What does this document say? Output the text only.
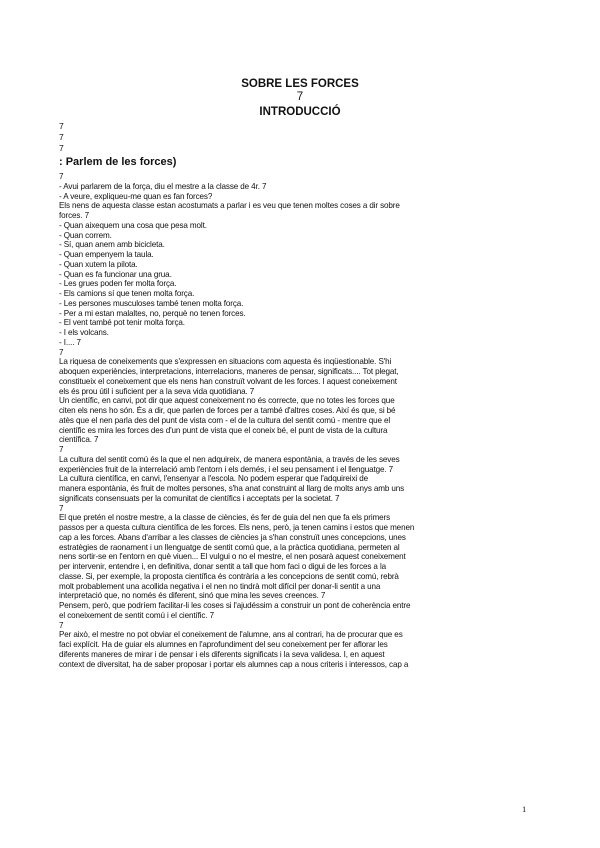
SOBRE LES FORCES
7
INTRODUCCIÓ
7
7
7
: Parlem de les forces)
7
- Avui parlarem de la força, diu el mestre a la classe de 4r. 7
- A veure, expliqueu-me quan es fan forces?
Els nens de aquesta classe estan acostumats a parlar i es veu que tenen moltes coses a dir sobre
forces. 7
- Quan aixequem una cosa que pesa molt.
- Quan correm.
- Sí, quan anem amb bicicleta.
- Quan empenyem la taula.
- Quan xutem la pilota.
- Quan es fa funcionar una grua.
- Les grues poden fer molta força.
- Els camions sí que tenen molta força.
- Les persones musculoses també tenen molta força.
- Per a mi estan malaltes, no, perquè no tenen forces.
- El vent també pot tenir molta força.
- I els volcans.
- I.... 7
7
La riquesa de coneixements que s'expressen en situacions com aquesta és inqüestionable. S'hi
aboquen experiències, interpretacions, interrelacions, maneres de pensar, significats.... Tot plegat,
constitueix el coneixement que els nens han construït volvant de les forces. I aquest coneixement
els és prou útil i suficient per a la seva vida quotidiana. 7
Un científic, en canvi, pot dir que aquest coneixement no és correcte, que no totes les forces que
citen els nens ho són. És a dir, que parlen de forces per a també d'altres coses. Així és que, si bé
atès que el nen parla des del punt de vista com - el de la cultura del sentit comú - mentre que el
científic es mira les forces des d'un punt de vista que el coneix bé, el punt de vista de la cultura
científica. 7
7
La cultura del sentit comú és la que el nen adquireix, de manera espontània, a través de les seves
experiències fruit de la interrelació amb l'entorn i els demés, i el seu pensament i el llenguatge. 7
La cultura científica, en canvi, l'ensenyar a l'escola. No podem esperar que l'adquireixi de
manera espontània, és fruit de moltes persones, s'ha anat construint al llarg de molts anys amb uns
significats consensuats per la comunitat de científics i acceptats per la societat. 7
7
El que pretén el nostre mestre, a la classe de ciències, és fer de guia del nen que fa els primers
passos per a questa cultura científica de les forces. Els nens, però, ja tenen camins i estos que menen
cap a les forces. Abans d'arribar a les classes de ciències ja s'han construït unes concepcions, unes
estratègies de raonament i un llenguatge de sentit comú que, a la pràctica quotidiana, permeten al
nens sortir-se en l'entorn en què viuen... El vulgui o no el mestre, el nen posarà aquest coneixement
per intervenir, entendre i, en definitiva, donar sentit a tall que hom faci o digui de les forces a la
classe. Si, per exemple, la proposta científica és contrària a les concepcions de sentit comú, rebrà
molt probablement una acollida negativa i el nen no tindrà molt difícil per donar-li sentit a una
interpretació que, no només és diferent, sinó que mina les seves creences. 7
Pensem, però, que podríem facilitar-li les coses si l'ajudéssim a construir un pont de coherència entre
el coneixement de sentit comú i el científic. 7
7
Per això, el mestre no pot obviar el coneixement de l'alumne, ans al contrari, ha de procurar que es
faci explícit. Ha de guiar els alumnes en l'aprofundiment del seu coneixement per fer aflorar les
diferents maneres de mirar i de pensar i els diferents significats i la seva validesa. I, en aquest
context de diversitat, ha de saber proposar i portar els alumnes cap a nous criteris i interessos, cap a
1
